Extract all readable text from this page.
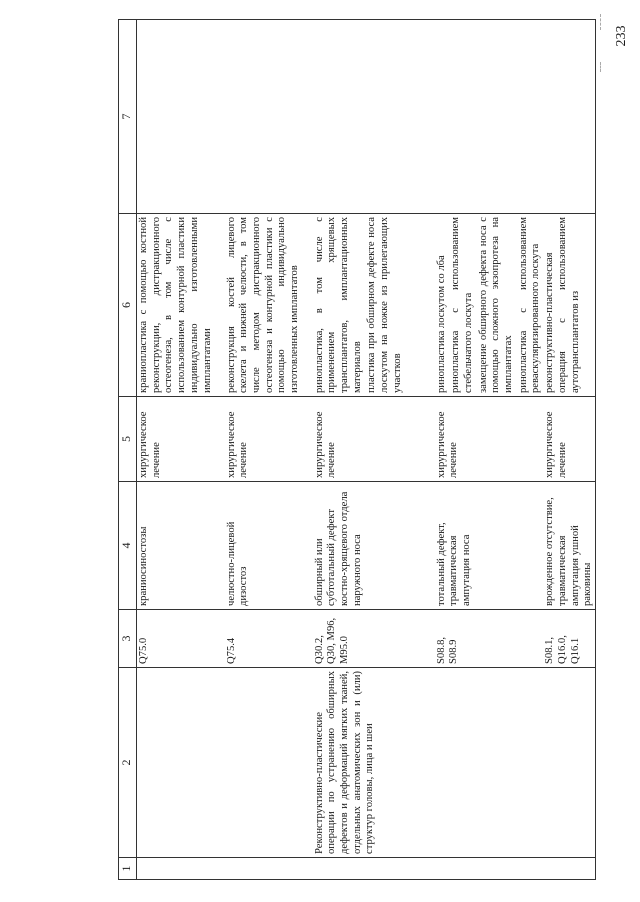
233
1	2	3	4	5	6	7
		Q75.0	краниосиностозы	хирургическое лечение	краниопластика с помощью костной реконструкции, дистракционного остеогенеза, в том числе с использованием контурной пластики индивидуально изготовленными имплантатами	

		Q75.4	челюстно-лицевой дизостоз	хирургическое лечение	реконструкция костей лицевого скелета и нижней челюсти, в том числе методом дистракционного остеогенеза и контурной пластики с помощью индивидуально изготовленных имплантатов	

	Реконструктивно-пластические операции по устранению обширных дефектов и деформаций мягких тканей, отдельных анатомических зон и (или) структур головы, лица и шеи	Q30.2, Q30, M96, M95.0	обширный или субтотальный дефект костно-хрящевого отдела наружного носа	хирургическое лечение	ринопластика, в том числе с применением хрящевых трансплантатов, имплантационных материалов пластика при обширном дефекте носа лоскутом на ножке из прилегающих участков	

		S08.8, S08.9	тотальный дефект, травматическая ампутация носа	хирургическое лечение	ринопластика лоскутом со лба ринопластика с использованием стебельчатого лоскута замещение обширного дефекта носа с помощью сложного экзопротеза на имплантатах ринопластика с использованием реваскуляризированного лоскута	

		S08.1, Q16.0, Q16.1	врожденное отсутствие, травматическая ампутация ушной раковины	хирургическое лечение	реконструктивно-пластическая операция с использованием аутотрансплантатов из	
